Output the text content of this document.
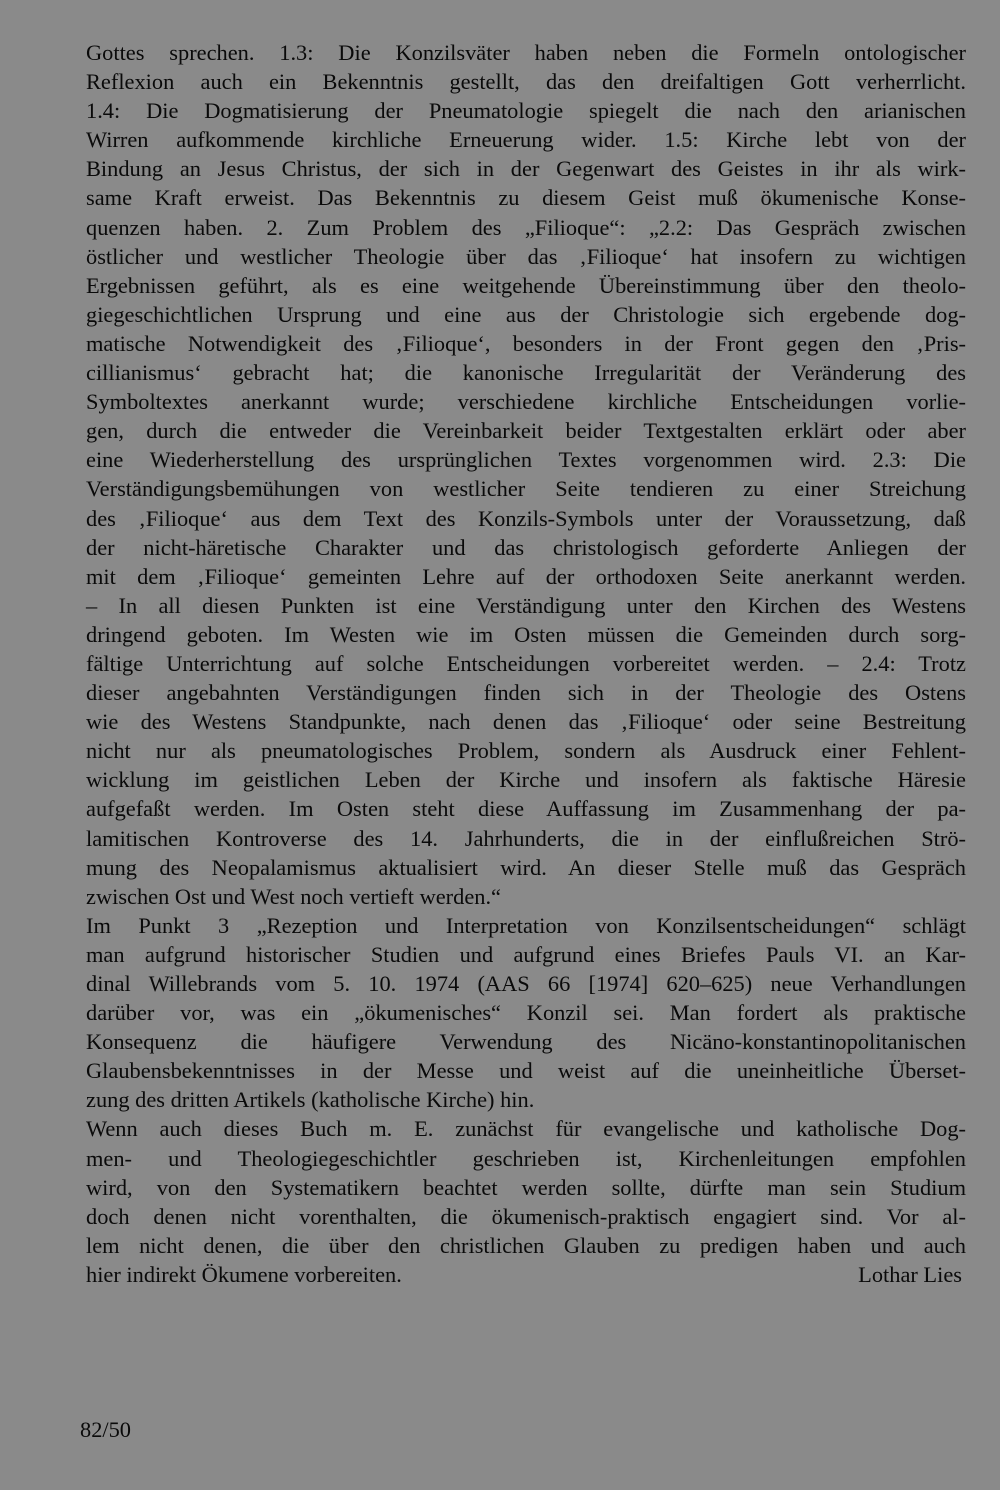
Gottes sprechen. 1.3: Die Konzilsväter haben neben die Formeln ontologischer
Reflexion auch ein Bekenntnis gestellt, das den dreifaltigen Gott verherrlicht.
1.4: Die Dogmatisierung der Pneumatologie spiegelt die nach den arianischen
Wirren aufkommende kirchliche Erneuerung wider. 1.5: Kirche lebt von der
Bindung an Jesus Christus, der sich in der Gegenwart des Geistes in ihr als wirk-
same Kraft erweist. Das Bekenntnis zu diesem Geist muß ökumenische Konse-
quenzen haben. 2. Zum Problem des „Filioque“: „2.2: Das Gespräch zwischen
östlicher und westlicher Theologie über das ‚Filioque‘ hat insofern zu wichtigen
Ergebnissen geführt, als es eine weitgehende Übereinstimmung über den theolo-
giegeschichtlichen Ursprung und eine aus der Christologie sich ergebende dog-
matische Notwendigkeit des ‚Filioque‘, besonders in der Front gegen den ‚Pris-
cillianismus‘ gebracht hat; die kanonische Irregularität der Veränderung des
Symboltextes anerkannt wurde; verschiedene kirchliche Entscheidungen vorlie-
gen, durch die entweder die Vereinbarkeit beider Textgestalten erklärt oder aber
eine Wiederherstellung des ursprünglichen Textes vorgenommen wird. 2.3: Die
Verständigungsbemühungen von westlicher Seite tendieren zu einer Streichung
des ‚Filioque‘ aus dem Text des Konzils-Symbols unter der Voraussetzung, daß
der nicht-häretische Charakter und das christologisch geforderte Anliegen der
mit dem ‚Filioque‘ gemeinten Lehre auf der orthodoxen Seite anerkannt werden.
– In all diesen Punkten ist eine Verständigung unter den Kirchen des Westens
dringend geboten. Im Westen wie im Osten müssen die Gemeinden durch sorg-
fältige Unterrichtung auf solche Entscheidungen vorbereitet werden. – 2.4: Trotz
dieser angebahnten Verständigungen finden sich in der Theologie des Ostens
wie des Westens Standpunkte, nach denen das ‚Filioque‘ oder seine Bestreitung
nicht nur als pneumatologisches Problem, sondern als Ausdruck einer Fehlent-
wicklung im geistlichen Leben der Kirche und insofern als faktische Häresie
aufgefaßt werden. Im Osten steht diese Auffassung im Zusammenhang der pa-
lamitischen Kontroverse des 14. Jahrhunderts, die in der einflußreichen Strö-
mung des Neopalamismus aktualisiert wird. An dieser Stelle muß das Gespräch
zwischen Ost und West noch vertieft werden.“
Im Punkt 3 „Rezeption und Interpretation von Konzilsentscheidungen“ schlägt
man aufgrund historischer Studien und aufgrund eines Briefes Pauls VI. an Kar-
dinal Willebrands vom 5. 10. 1974 (AAS 66 [1974] 620–625) neue Verhandlungen
darüber vor, was ein „ökumenisches“ Konzil sei. Man fordert als praktische
Konsequenz die häufigere Verwendung des Nicäno-konstantinopolitanischen
Glaubensbekenntnisses in der Messe und weist auf die uneinheitliche Überset-
zung des dritten Artikels (katholische Kirche) hin.
Wenn auch dieses Buch m. E. zunächst für evangelische und katholische Dog-
men- und Theologiegeschichtler geschrieben ist, Kirchenleitungen empfohlen
wird, von den Systematikern beachtet werden sollte, dürfte man sein Studium
doch denen nicht vorenthalten, die ökumenisch-praktisch engagiert sind. Vor al-
lem nicht denen, die über den christlichen Glauben zu predigen haben und auch
hier indirekt Ökumene vorbereiten.	Lothar Lies
82/50
